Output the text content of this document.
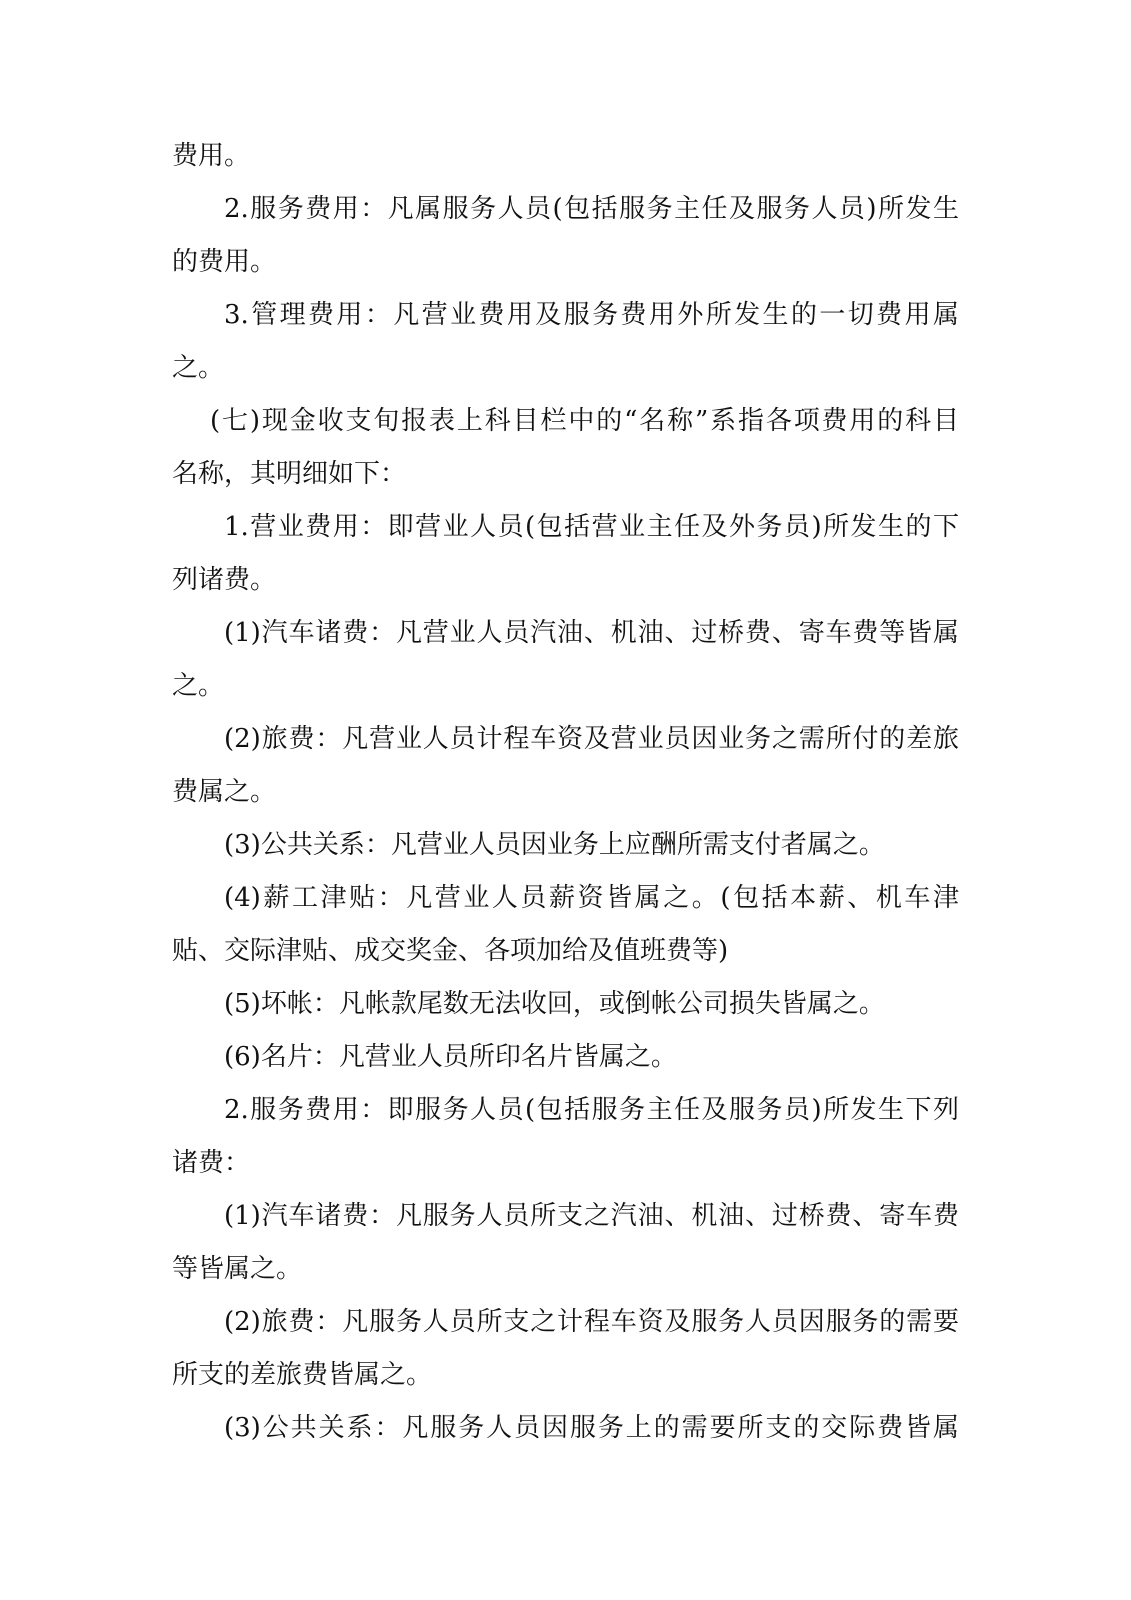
费用。
2.服务费用：凡属服务人员(包括服务主任及服务人员)所发生
的费用。
3.管理费用：凡营业费用及服务费用外所发生的一切费用属
之。
(七)现金收支旬报表上科目栏中的“名称”系指各项费用的科目
名称，其明细如下：
1.营业费用：即营业人员(包括营业主任及外务员)所发生的下
列诸费。
(1)汽车诸费：凡营业人员汽油、机油、过桥费、寄车费等皆属
之。
(2)旅费：凡营业人员计程车资及营业员因业务之需所付的差旅
费属之。
(3)公共关系：凡营业人员因业务上应酬所需支付者属之。
(4)薪工津贴：凡营业人员薪资皆属之。(包括本薪、机车津
贴、交际津贴、成交奖金、各项加给及值班费等)
(5)坏帐：凡帐款尾数无法收回，或倒帐公司损失皆属之。
(6)名片：凡营业人员所印名片皆属之。
2.服务费用：即服务人员(包括服务主任及服务员)所发生下列
诸费：
(1)汽车诸费：凡服务人员所支之汽油、机油、过桥费、寄车费
等皆属之。
(2)旅费：凡服务人员所支之计程车资及服务人员因服务的需要
所支的差旅费皆属之。
(3)公共关系：凡服务人员因服务上的需要所支的交际费皆属
